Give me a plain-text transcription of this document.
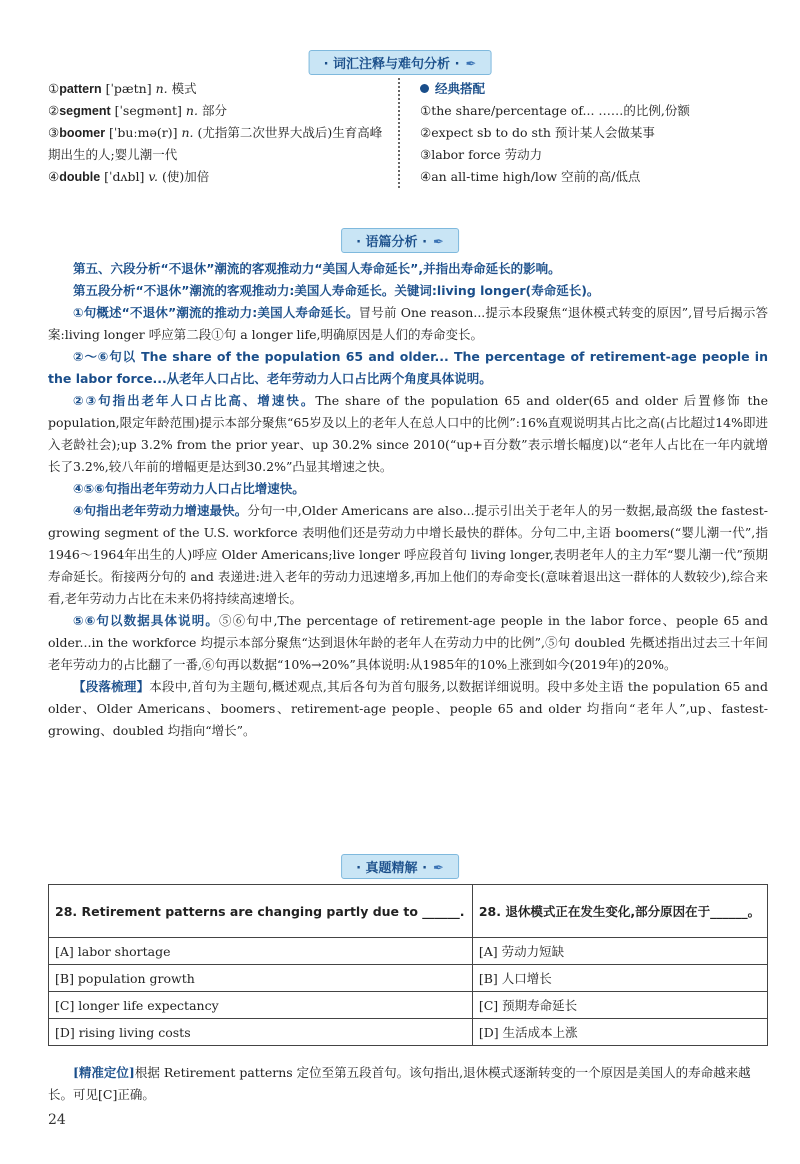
· 词汇注释与难句分析 · ✒
①pattern [ˈpætn] n. 模式
②segment [ˈsegmənt] n. 部分
③boomer [ˈbuːmə(r)] n. (尤指第二次世界大战后)生育高峰期出生的人;婴儿潮一代
④double [ˈdʌbl] v. (使)加倍
经典搭配
①the share/percentage of... ……的比例,份额
②expect sb to do sth 预计某人会做某事
③labor force 劳动力
④an all-time high/low 空前的高/低点
· 语篇分析 · ✒

第五、六段分析“不退休”潮流的客观推动力“美国人寿命延长”,并指出寿命延长的影响。

第五段分析“不退休”潮流的客观推动力:美国人寿命延长。关键词:living longer(寿命延长)。

①句概述“不退休”潮流的推动力:美国人寿命延长。冒号前 One reason...提示本段聚焦“退休模式转变的原因”,冒号后揭示答案:living longer 呼应第二段①句 a longer life,明确原因是人们的寿命变长。

②～⑥句以 The share of the population 65 and older... The percentage of retirement-age people in the labor force...从老年人口占比、老年劳动力人口占比两个角度具体说明。

②③句指出老年人口占比高、增速快。The share of the population 65 and older(65 and older 后置修饰 the population,限定年龄范围)提示本部分聚焦“65岁及以上的老年人在总人口中的比例”:16%直观说明其占比之高(占比超过14%即进入老龄社会);up 3.2% from the prior year、up 30.2% since 2010(“up+百分数”表示增长幅度)以“老年人占比在一年内就增长了3.2%,较八年前的增幅更是达到30.2%”凸显其增速之快。

④⑤⑥句指出老年劳动力人口占比增速快。

④句指出老年劳动力增速最快。分句一中,Older Americans are also...提示引出关于老年人的另一数据,最高级 the fastest-growing segment of the U.S. workforce 表明他们还是劳动力中增长最快的群体。分句二中,主语 boomers(“婴儿潮一代”,指1946～1964年出生的人)呼应 Older Americans;live longer 呼应段首句 living longer,表明老年人的主力军“婴儿潮一代”预期寿命延长。衔接两分句的 and 表递进:进入老年的劳动力迅速增多,再加上他们的寿命变长(意味着退出这一群体的人数较少),综合来看,老年劳动力占比在未来仍将持续高速增长。

⑤⑥句以数据具体说明。⑤⑥句中,The percentage of retirement-age people in the labor force、people 65 and older...in the workforce 均提示本部分聚焦“达到退休年龄的老年人在劳动力中的比例”,⑤句 doubled 先概述指出过去三十年间老年劳动力的占比翻了一番,⑥句再以数据“10%→20%”具体说明:从1985年的10%上涨到如今(2019年)的20%。

【段落梳理】本段中,首句为主题句,概述观点,其后各句为首句服务,以数据详细说明。段中多处主语 the population 65 and older、Older Americans、boomers、retirement-age people、people 65 and older 均指向“老年人”,up、fastest-growing、doubled 均指向“增长”。

· 真题精解 · ✒
28. Retirement patterns are changing partly due to ______.	28. 退休模式正在发生变化,部分原因在于______。
[A] labor shortage	[A] 劳动力短缺
[B] population growth	[B] 人口增长
[C] longer life expectancy	[C] 预期寿命延长
[D] rising living costs	[D] 生活成本上涨
[精准定位]根据 Retirement patterns 定位至第五段首句。该句指出,退休模式逐渐转变的一个原因是美国人的寿命越来越长。可见[C]正确。
24
